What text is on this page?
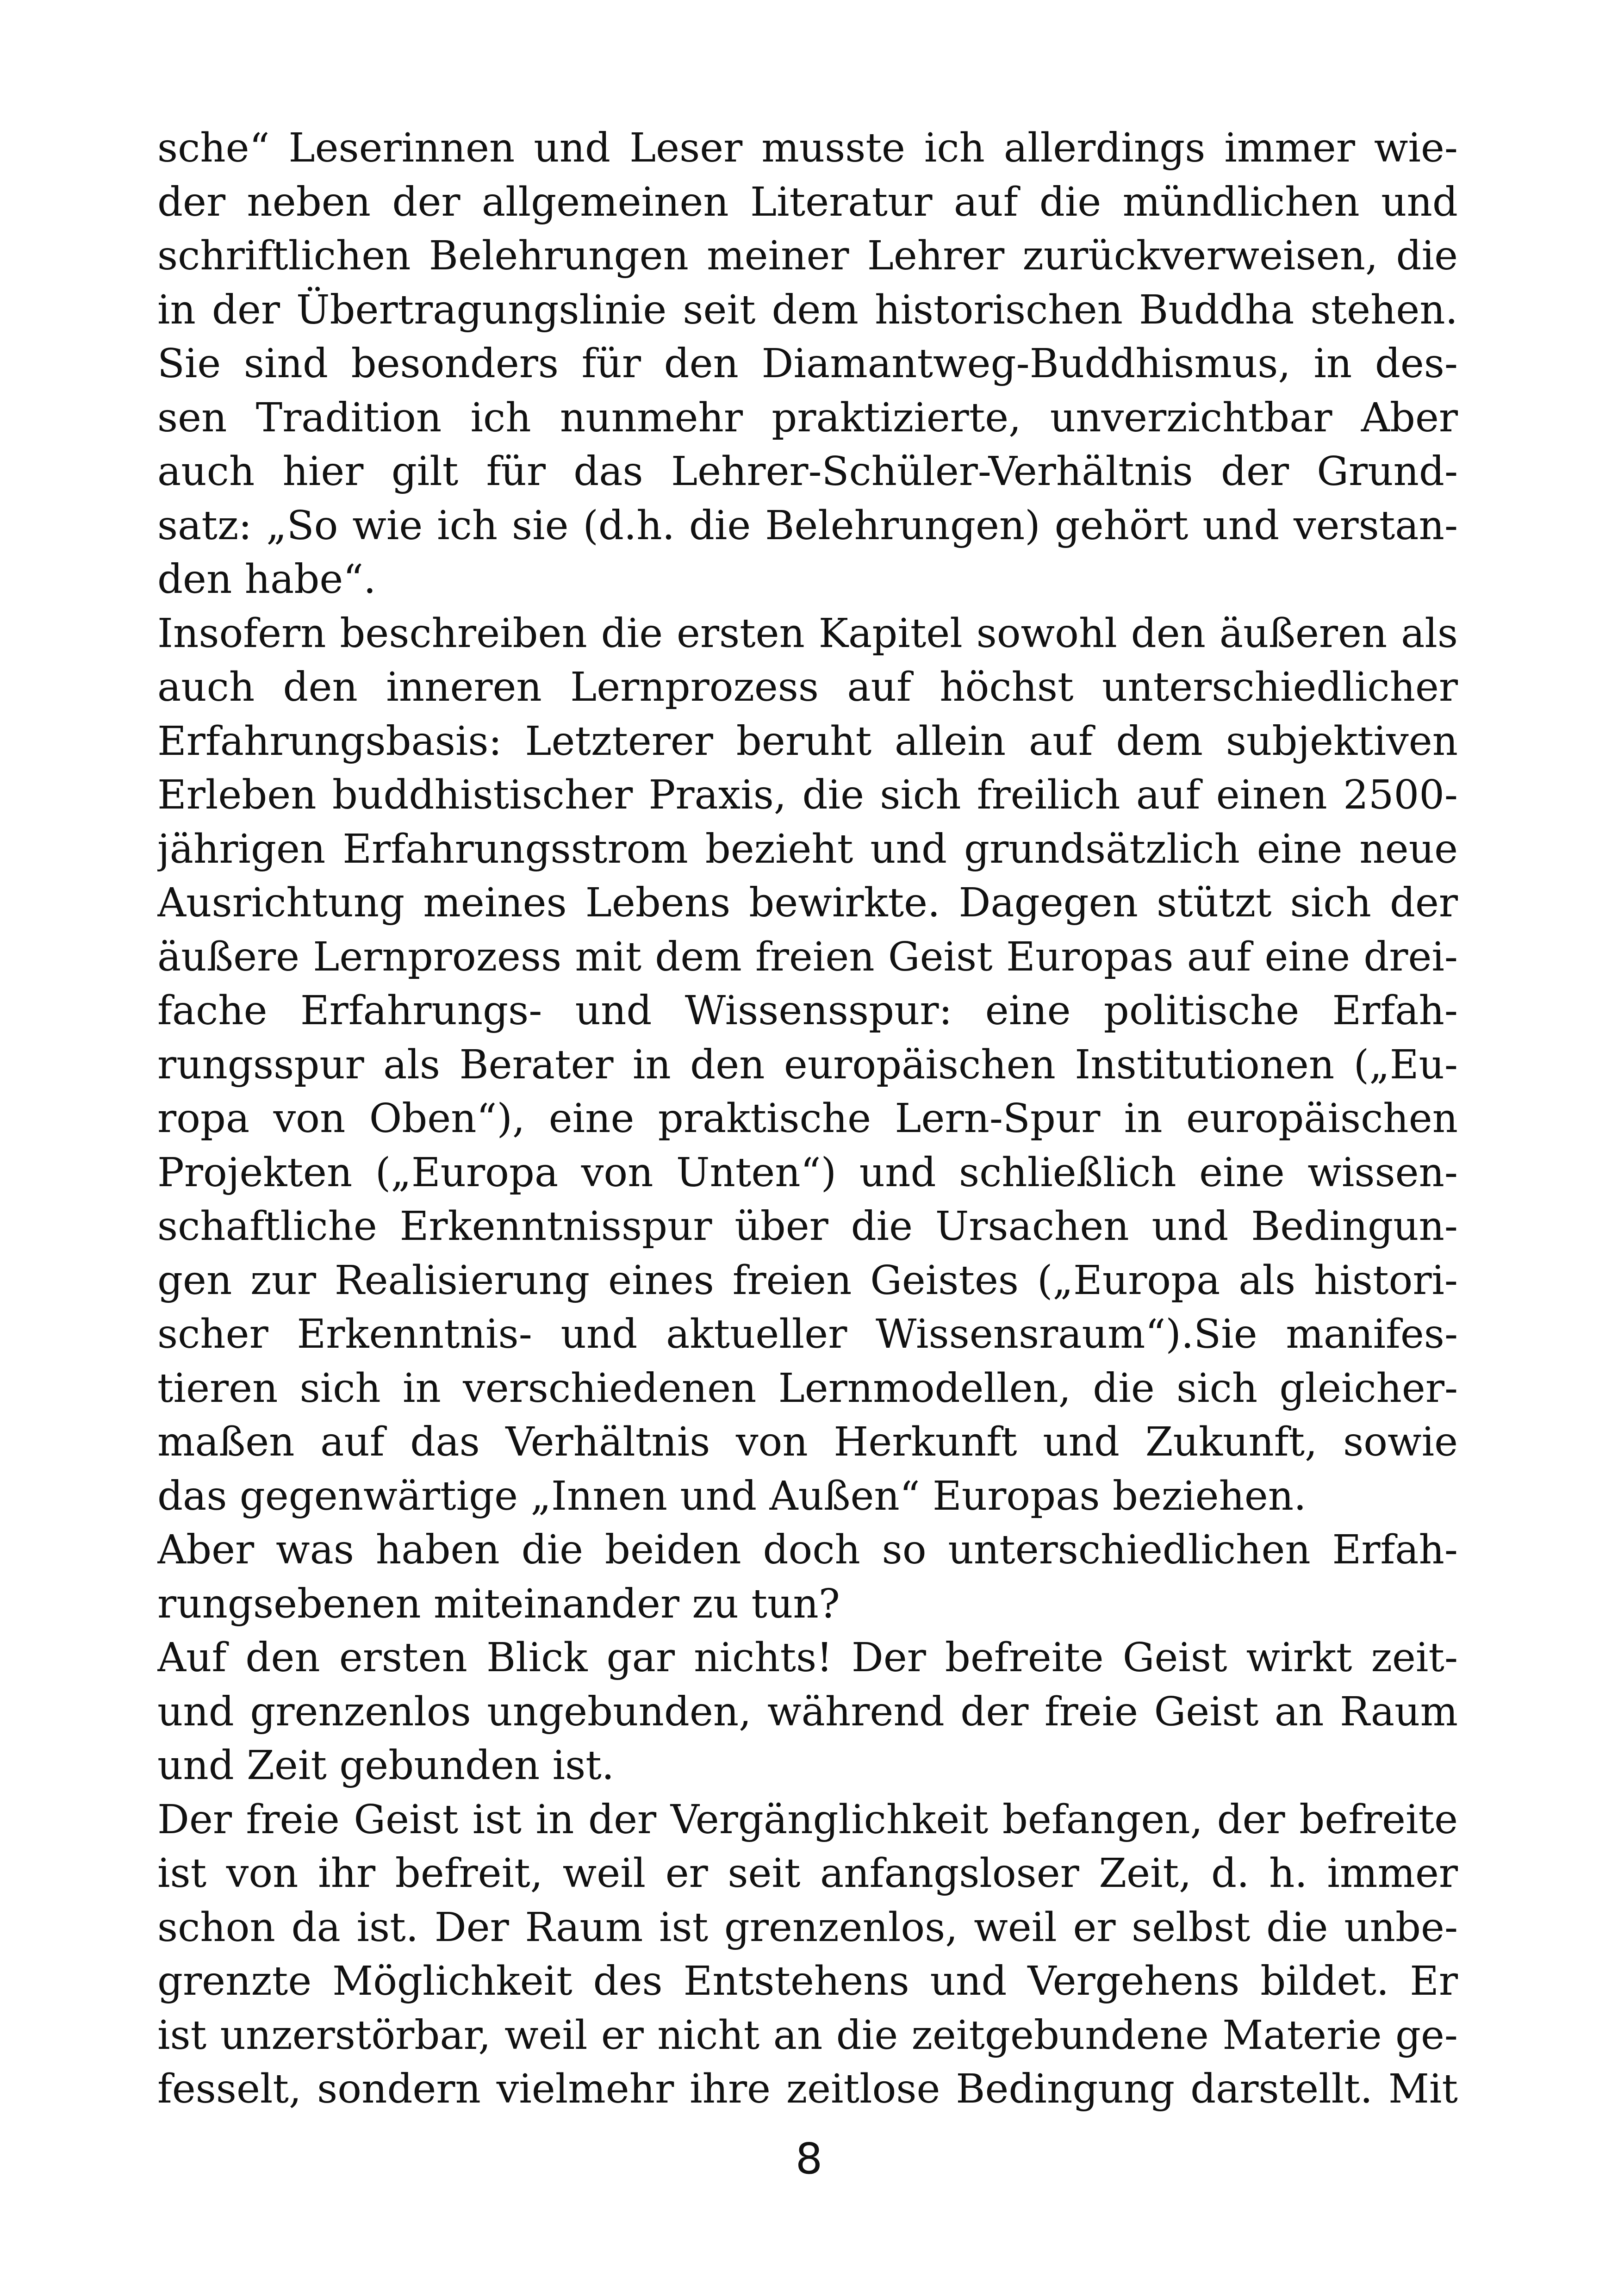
sche“ Leserinnen und Leser musste ich allerdings immer wie-
der neben der allgemeinen Literatur auf die mündlichen und
schriftlichen Belehrungen meiner Lehrer zurückverweisen, die
in der Übertragungslinie seit dem historischen Buddha stehen.
Sie sind besonders für den Diamantweg-Buddhismus, in des-
sen Tradition ich nunmehr praktizierte, unverzichtbar Aber
auch hier gilt für das Lehrer-Schüler-Verhältnis der Grund-
satz: „So wie ich sie (d.h. die Belehrungen) gehört und verstan-
den habe“.
Insofern beschreiben die ersten Kapitel sowohl den äußeren als
auch den inneren Lernprozess auf höchst unterschiedlicher
Erfahrungsbasis: Letzterer beruht allein auf dem subjektiven
Erleben buddhistischer Praxis, die sich freilich auf einen 2500-
jährigen Erfahrungsstrom bezieht und grundsätzlich eine neue
Ausrichtung meines Lebens bewirkte. Dagegen stützt sich der
äußere Lernprozess mit dem freien Geist Europas auf eine drei-
fache Erfahrungs- und Wissensspur: eine politische Erfah-
rungsspur als Berater in den europäischen Institutionen („Eu-
ropa von Oben“), eine praktische Lern-Spur in europäischen
Projekten („Europa von Unten“) und schließlich eine wissen-
schaftliche Erkenntnisspur über die Ursachen und Bedingun-
gen zur Realisierung eines freien Geistes („Europa als histori-
scher Erkenntnis- und aktueller Wissensraum“).Sie manifes-
tieren sich in verschiedenen Lernmodellen, die sich gleicher-
maßen auf das Verhältnis von Herkunft und Zukunft, sowie
das gegenwärtige „Innen und Außen“ Europas beziehen.
Aber was haben die beiden doch so unterschiedlichen Erfah-
rungsebenen miteinander zu tun?
Auf den ersten Blick gar nichts! Der befreite Geist wirkt zeit-
und grenzenlos ungebunden, während der freie Geist an Raum
und Zeit gebunden ist.
Der freie Geist ist in der Vergänglichkeit befangen, der befreite
ist von ihr befreit, weil er seit anfangsloser Zeit, d. h. immer
schon da ist. Der Raum ist grenzenlos, weil er selbst die unbe-
grenzte Möglichkeit des Entstehens und Vergehens bildet. Er
ist unzerstörbar, weil er nicht an die zeitgebundene Materie ge-
fesselt, sondern vielmehr ihre zeitlose Bedingung darstellt. Mit
8
